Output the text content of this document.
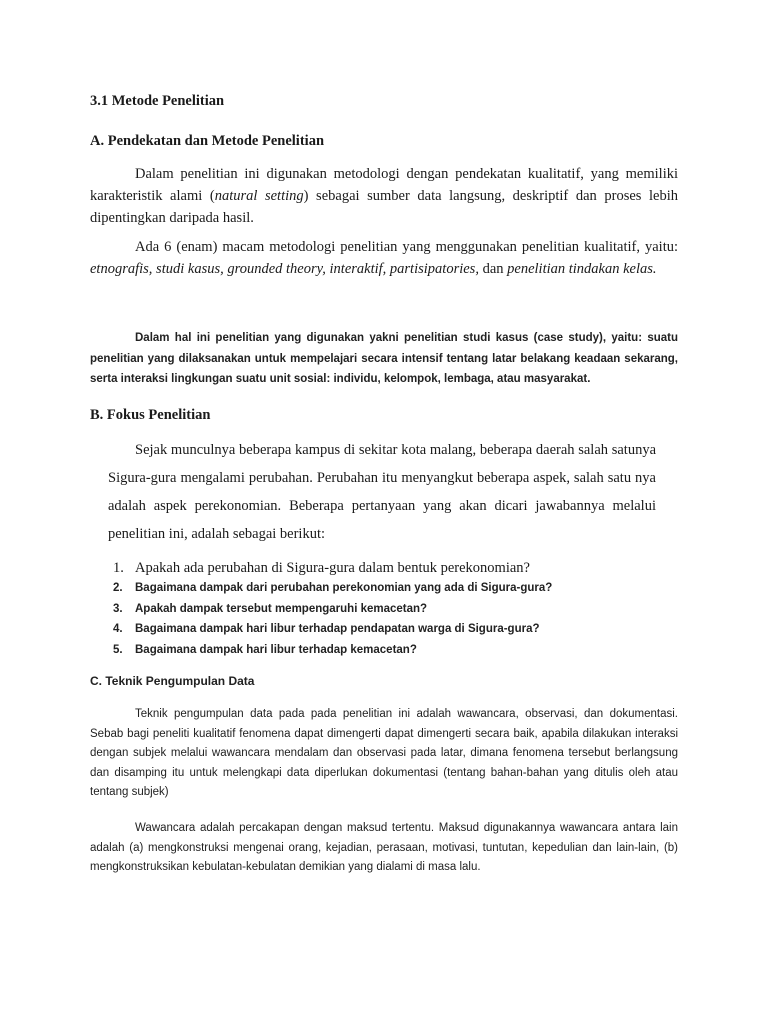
3.1 Metode Penelitian
A. Pendekatan dan Metode Penelitian

Dalam penelitian ini digunakan metodologi dengan pendekatan kualitatif, yang memiliki karakteristik alami (natural setting) sebagai sumber data langsung, deskriptif dan proses lebih dipentingkan daripada hasil.

Ada 6 (enam) macam metodologi penelitian yang menggunakan penelitian kualitatif, yaitu: etnografis, studi kasus, grounded theory, interaktif, partisipatories, dan penelitian tindakan kelas.

Dalam hal ini penelitian yang digunakan yakni penelitian studi kasus (case study), yaitu: suatu penelitian yang dilaksanakan untuk mempelajari secara intensif tentang latar belakang keadaan sekarang, serta interaksi lingkungan suatu unit sosial: individu, kelompok, lembaga, atau masyarakat.

B. Fokus Penelitian

Sejak munculnya beberapa kampus di sekitar kota malang, beberapa daerah salah satunya Sigura-gura mengalami perubahan. Perubahan itu menyangkut beberapa aspek, salah satu nya adalah aspek perekonomian. Beberapa pertanyaan yang akan dicari jawabannya melalui penelitian ini, adalah sebagai berikut:

1. Apakah ada perubahan di Sigura-gura dalam bentuk perekonomian?
2.	Bagaimana dampak dari perubahan perekonomian yang ada di Sigura-gura?
3.	Apakah dampak tersebut mempengaruhi kemacetan?
4.	Bagaimana dampak hari libur terhadap pendapatan warga di Sigura-gura?
5.	Bagaimana dampak hari libur terhadap kemacetan?
C. Teknik Pengumpulan Data

Teknik pengumpulan data pada pada penelitian ini adalah wawancara, observasi, dan dokumentasi. Sebab bagi peneliti kualitatif fenomena dapat dimengerti dapat dimengerti secara baik, apabila dilakukan interaksi dengan subjek melalui wawancara mendalam dan observasi pada latar, dimana fenomena tersebut berlangsung dan disamping itu untuk melengkapi data diperlukan dokumentasi (tentang bahan-bahan yang ditulis oleh atau tentang subjek)

Wawancara adalah percakapan dengan maksud tertentu. Maksud digunakannya wawancara antara lain adalah (a) mengkonstruksi mengenai orang, kejadian, perasaan, motivasi, tuntutan, kepedulian dan lain-lain, (b) mengkonstruksikan kebulatan-kebulatan demikian yang dialami di masa lalu.
